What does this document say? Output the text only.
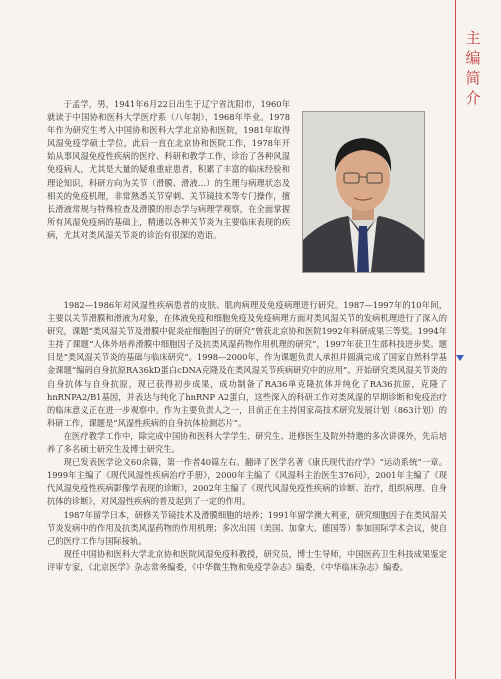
主
编
简
介

于孟学，男，1941年6月22日出生于辽宁省沈阳市，1960年就读于中国协和医科大学医疗系（八年制），1968年毕业。1978年作为研究生考入中国协和医科大学北京协和医院，1981年取得风湿免疫学硕士学位，此后一直在北京协和医院工作，1978年开始从事风湿免疫性疾病的医疗、科研和教学工作，诊治了各种风湿免疫病人，尤其是大量的疑难重症患者，积累了丰富的临床经验和理论知识，科研方向为关节（滑膜、滑液…）的生理与病理状态及相关的免疫机理，非常熟悉关节穿刺、关节镜技术等专门操作，擅长滑液常规与特殊检查及滑膜的形态学与病理学观察，在全面掌握所有风湿免疫病的基础上，精通以各种关节炎为主要临床表现的疾病，尤其对类风湿关节炎的诊治有很深的造诣。

1982—1986年对风湿性疾病患者的皮肤、肌肉病理及免疫病理进行研究。1987—1997年的10年间，主要以关节滑膜和滑液为对象，在体液免疫和细胞免疫及免疫病理方面对类风湿关节的发病机理进行了深入的研究，课题“类风湿关节及滑膜中促炎症细胞因子的研究”曾获北京协和医院1992年科研成果三等奖。1994年主持了课题“人体外培养滑膜中细胞因子及抗类风湿药物作用机理的研究”，1997年获卫生部科技进步奖。题目是“类风湿关节炎的基础与临床研究”。1998—2000年，作为课题负责人承担并圆满完成了国家自然科学基金课题“编码自身抗原RA36kD蛋白cDNA克隆及在类风湿关节疾病研究中的应用”。开始研究类风湿关节炎的自身抗体与自身抗原，现已获得初步成果，成功制备了RA36单克隆抗体并纯化了RA36抗原，克隆了hnRNPA2/B1基因，并表达与纯化了hnRNP A2蛋白，这些深入的科研工作对类风湿的早期诊断和免疫治疗的临床意义正在进一步观察中。作为主要负责人之一，目前正在主持国家高技术研究发展计划（863计划）的科研工作，课题是“风湿性疾病的自身抗体检测芯片”。

在医疗教学工作中，除完成中国协和医科大学学生、研究生、进修医生及院外特邀的多次讲课外，先后培养了多名硕士研究生及博士研究生。

现已发表医学论文60余篇，第一作者40篇左右。翻译了医学名著《康氏现代治疗学》“运动系统”一章。1999年主编了《现代风湿性疾病治疗手册》，2000年主编了《风湿科主治医生376问》，2001年主编了《现代风湿免疫性疾病影像学表现的诊断》，2002年主编了《现代风湿免疫性疾病的诊断、治疗，组织病理、自身抗体的诊断》，对风湿性疾病的普及起到了一定的作用。

1987年留学日本，研修关节镜技术及滑膜细胞的培养；1991年留学澳大利亚，研究细胞因子在类风湿关节炎发病中的作用及抗类风湿药物的作用机理；多次出国（美国、加拿大、德国等）参加国际学术会议，使自己的医疗工作与国际接轨。

现任中国协和医科大学北京协和医院风湿免疫科教授，研究员，博士生导师，中国医药卫生科技成果鉴定评审专家，《北京医学》杂志常务编委，《中华微生物和免疫学杂志》编委，《中华临床杂志》编委。
